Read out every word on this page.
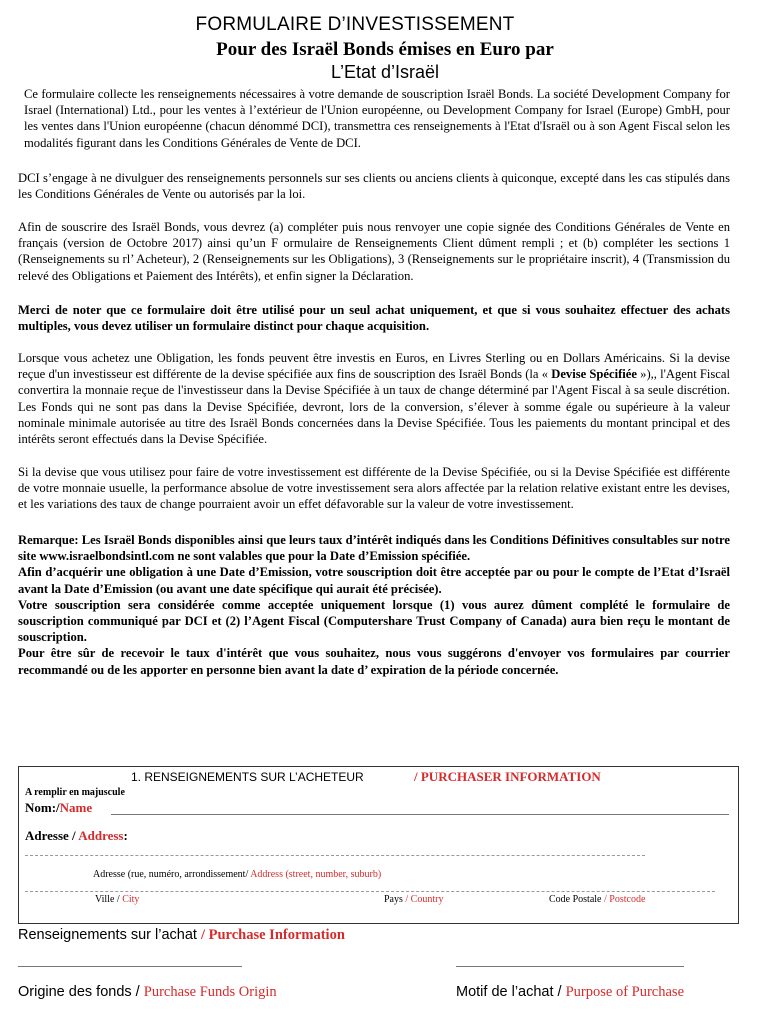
FORMULAIRE D’INVESTISSEMENT
Pour des Israël Bonds émises en Euro par
L’Etat d’Israël

Ce formulaire collecte les renseignements nécessaires à votre demande de souscription Israël Bonds. La société Development Company for Israel (International) Ltd., pour les ventes à l’extérieur de l'Union européenne, ou Development Company for Israel (Europe) GmbH, pour les ventes dans l'Union européenne (chacun dénommé DCI), transmettra ces renseignements à l'Etat d'Israël ou à son Agent Fiscal selon les modalités figurant dans les Conditions Générales de Vente de DCI.

DCI s’engage à ne divulguer des renseignements personnels sur ses clients ou anciens clients à quiconque, excepté dans les cas stipulés dans les Conditions Générales de Vente ou autorisés par la loi.

Afin de souscrire des Israël Bonds, vous devrez (a) compléter puis nous renvoyer une copie signée des Conditions Générales de Vente en français (version de Octobre 2017) ainsi qu’un F ormulaire de Renseignements Client dûment rempli ; et (b) compléter les sections 1 (Renseignements su rl’ Acheteur), 2 (Renseignements sur les Obligations), 3 (Renseignements sur le propriétaire inscrit), 4 (Transmission du relevé des Obligations et Paiement des Intérêts), et enfin signer la Déclaration.

Merci de noter que ce formulaire doit être utilisé pour un seul achat uniquement, et que si vous souhaitez effectuer des achats multiples, vous devez utiliser un formulaire distinct pour chaque acquisition.

Lorsque vous achetez une Obligation, les fonds peuvent être investis en Euros, en Livres Sterling ou en Dollars Américains. Si la devise reçue d'un investisseur est différente de la devise spécifiée aux fins de souscription des Israël Bonds (la « Devise Spécifiée »),, l'Agent Fiscal convertira la monnaie reçue de l'investisseur dans la Devise Spécifiée à un taux de change déterminé par l'Agent Fiscal à sa seule discrétion. Les Fonds qui ne sont pas dans la Devise Spécifiée, devront, lors de la conversion, s’élever à somme égale ou supérieure à la valeur nominale minimale autorisée au titre des Israël Bonds concernées dans la Devise Spécifiée. Tous les paiements du montant principal et des intérêts seront effectués dans la Devise Spécifiée.

Si la devise que vous utilisez pour faire de votre investissement est différente de la Devise Spécifiée, ou si la Devise Spécifiée est différente de votre monnaie usuelle, la performance absolue de votre investissement sera alors affectée par la relation relative existant entre les devises, et les variations des taux de change pourraient avoir un effet défavorable sur la valeur de votre investissement.

Remarque: Les Israël Bonds disponibles ainsi que leurs taux d’intérêt indiqués dans les Conditions Définitives consultables sur notre site www.israelbondsintl.com ne sont valables que pour la Date d’Emission spécifiée.
Afin d’acquérir une obligation à une Date d’Emission, votre souscription doit être acceptée par ou pour le compte de l’Etat d’Israël avant la Date d’Emission (ou avant une date spécifique qui aurait été précisée).
Votre souscription sera considérée comme acceptée uniquement lorsque (1) vous aurez dûment complété le formulaire de souscription communiqué par DCI et (2) l’Agent Fiscal (Computershare Trust Company of Canada) aura bien reçu le montant de souscription.
Pour être sûr de recevoir le taux d'intérêt que vous souhaitez, nous vous suggérons d'envoyer vos formulaires par courrier recommandé ou de les apporter en personne bien avant la date d’ expiration de la période concernée.
1. RENSEIGNEMENTS SUR L’ACHETEUR	/ PURCHASER INFORMATION
A remplir en majuscule
Nom:/Name
Adresse / Address:
Adresse (rue, numéro, arrondissement/ Address (street, number, suburb)
Ville / City	Pays / Country	Code Postale / Postcode
Renseignements sur l’achat / Purchase Information
Origine des fonds / Purchase Funds Origin	Motif de l’achat / Purpose of Purchase
